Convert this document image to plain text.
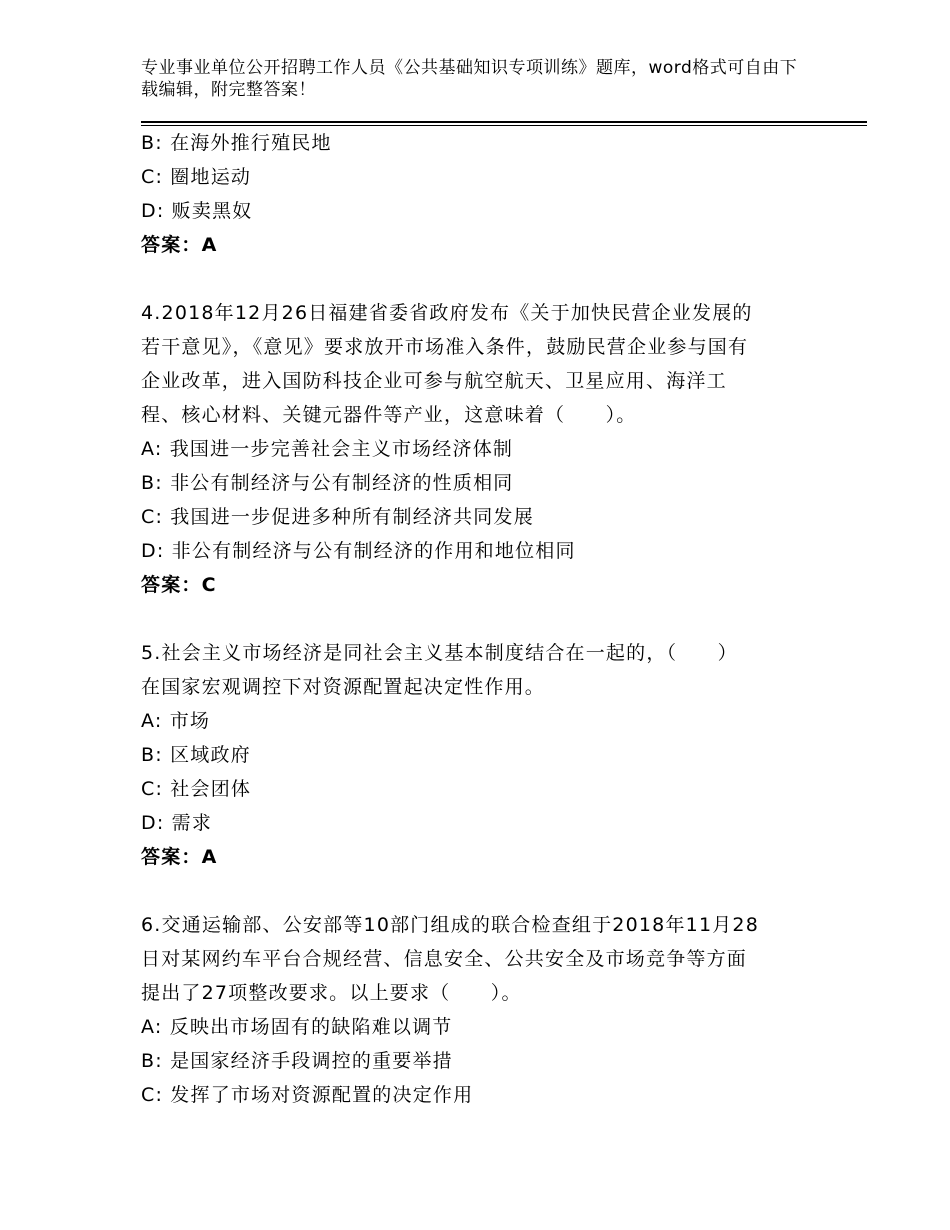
专业事业单位公开招聘工作人员《公共基础知识专项训练》题库，word格式可自由下载编辑，附完整答案！
B: 在海外推行殖民地
C: 圈地运动
D: 贩卖黑奴
答案：A
4.2018年12月26日福建省委省政府发布《关于加快民营企业发展的
若干意见》，《意见》要求放开市场准入条件，鼓励民营企业参与国有
企业改革，进入国防科技企业可参与航空航天、卫星应用、海洋工
程、核心材料、关键元器件等产业，这意味着（　　）。
A: 我国进一步完善社会主义市场经济体制
B: 非公有制经济与公有制经济的性质相同
C: 我国进一步促进多种所有制经济共同发展
D: 非公有制经济与公有制经济的作用和地位相同
答案：C
5.社会主义市场经济是同社会主义基本制度结合在一起的，（　　）
在国家宏观调控下对资源配置起决定性作用。
A: 市场
B: 区域政府
C: 社会团体
D: 需求
答案：A
6.交通运输部、公安部等10部门组成的联合检查组于2018年11月28
日对某网约车平台合规经营、信息安全、公共安全及市场竞争等方面
提出了27项整改要求。以上要求（　　）。
A: 反映出市场固有的缺陷难以调节
B: 是国家经济手段调控的重要举措
C: 发挥了市场对资源配置的决定作用
